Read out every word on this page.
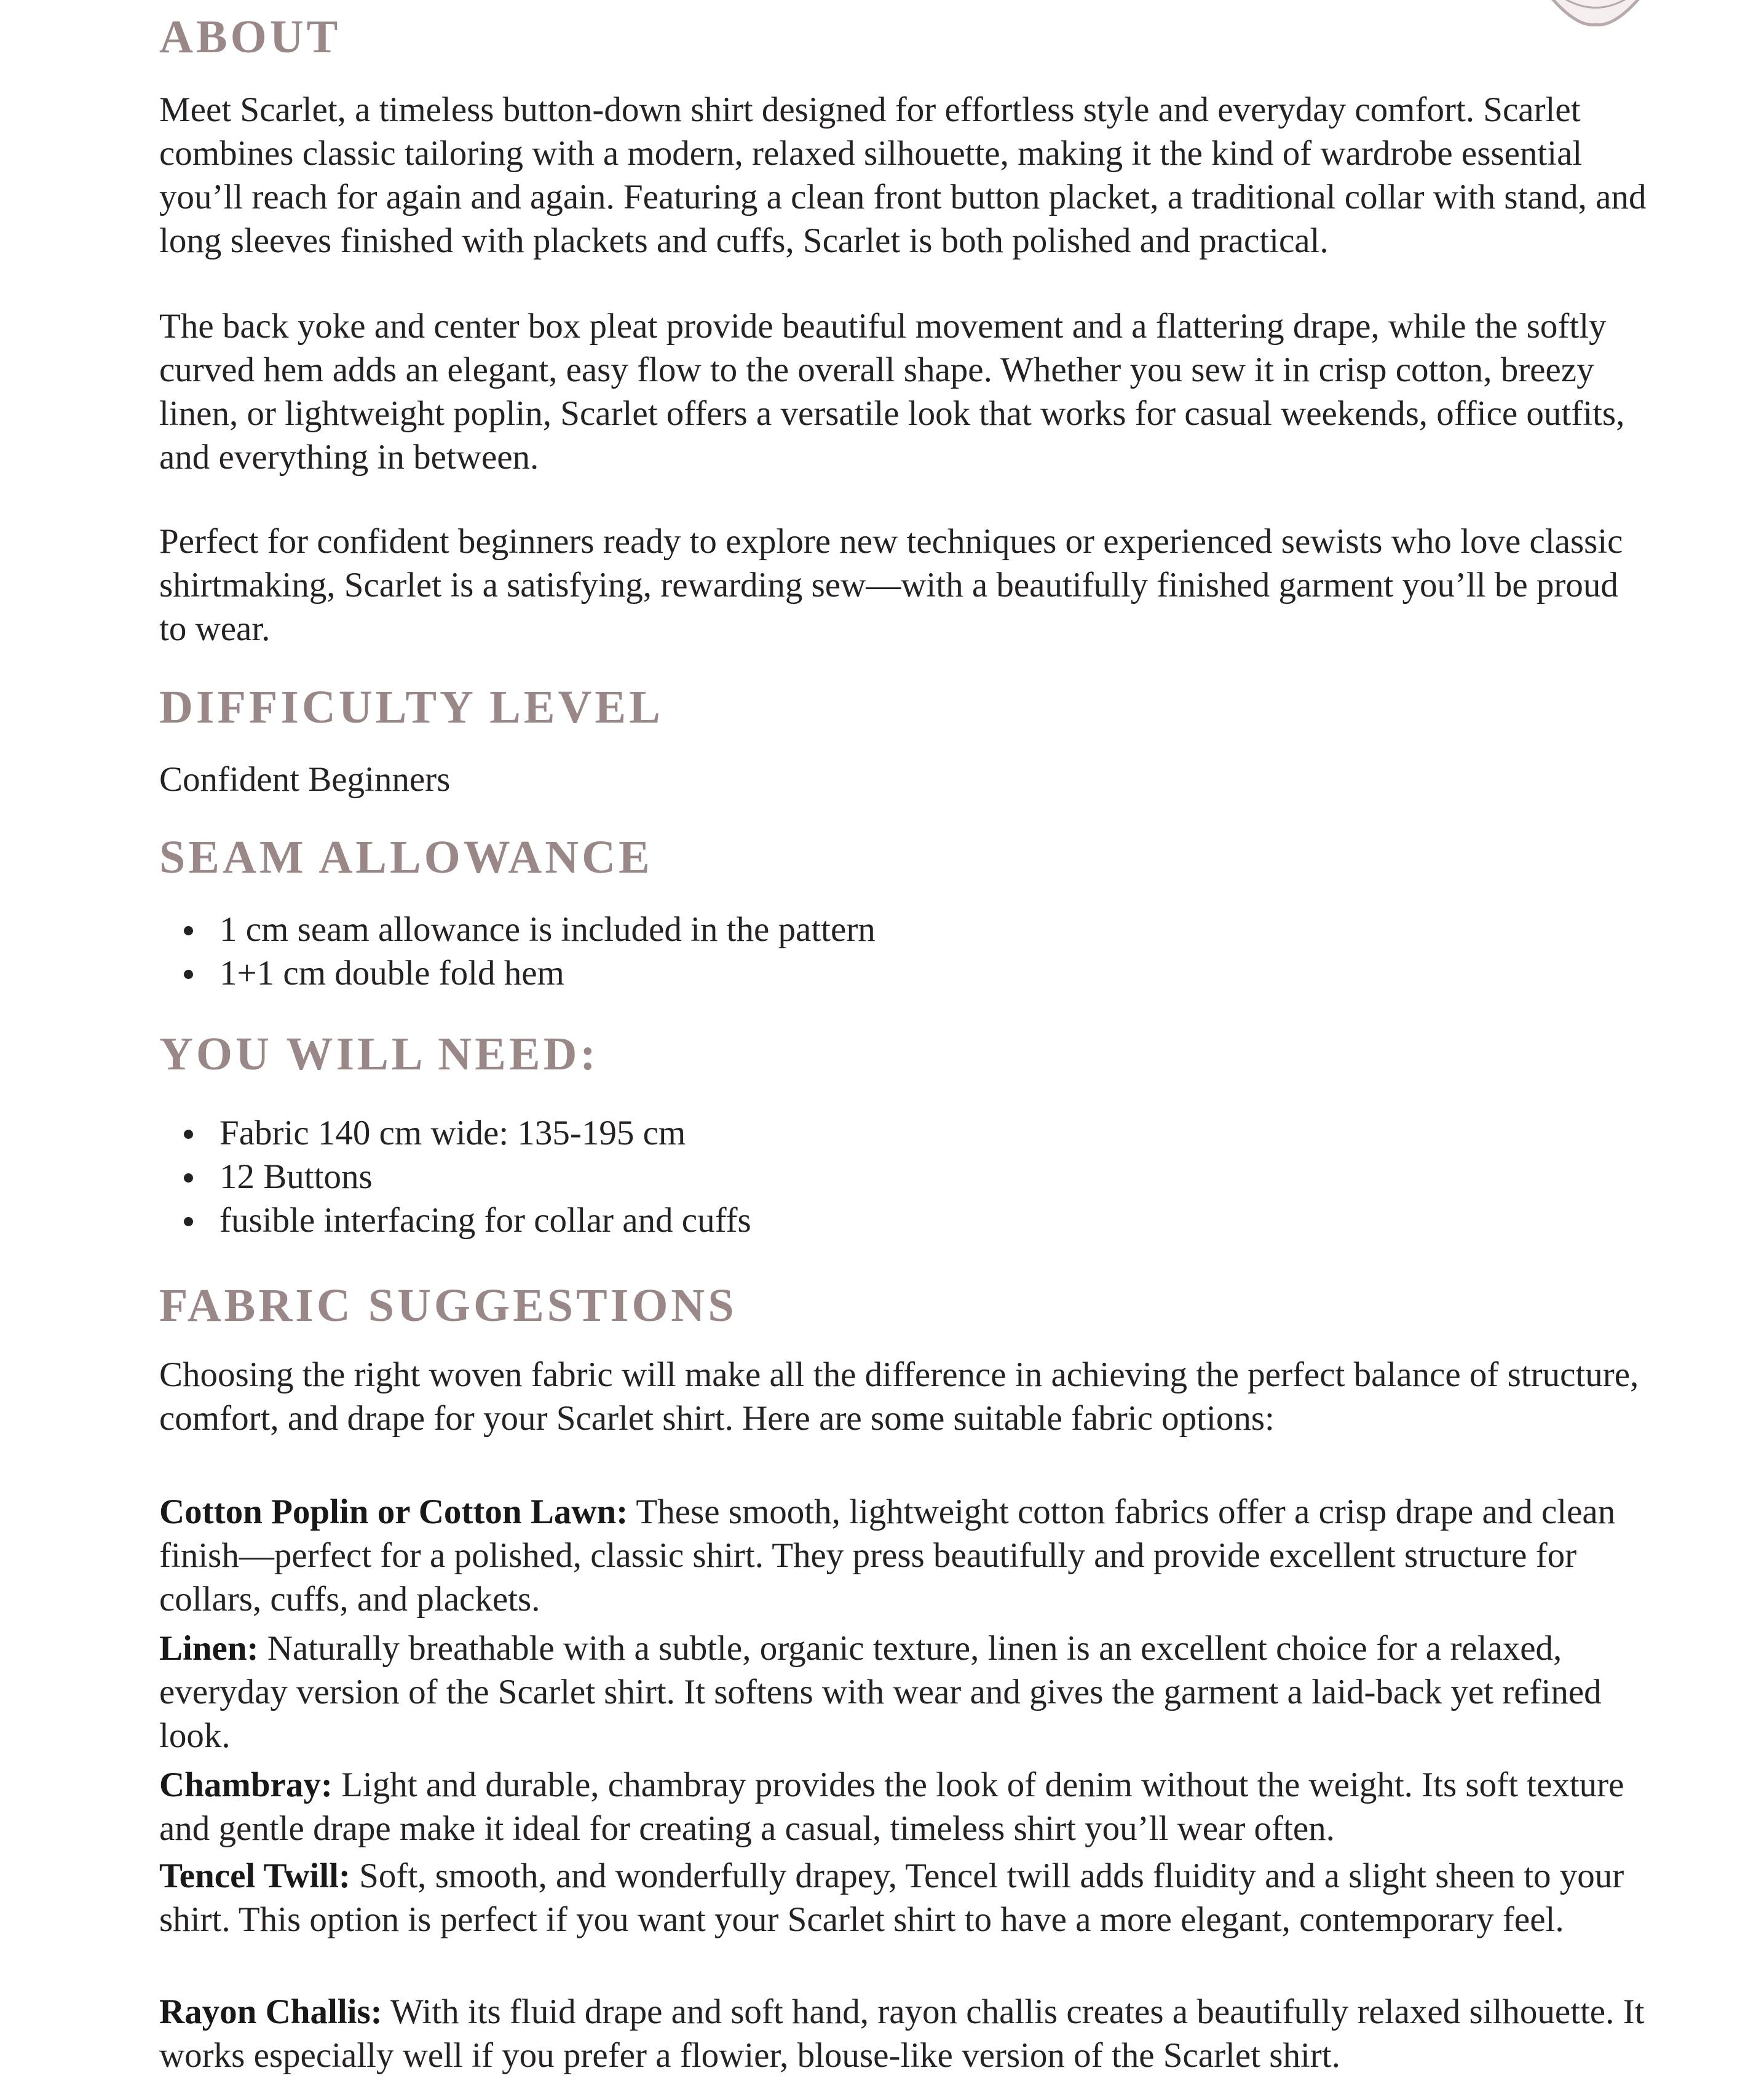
ABOUT

Meet Scarlet, a timeless button-down shirt designed for effortless style and everyday comfort. Scarlet combines classic tailoring with a modern, relaxed silhouette, making it the kind of wardrobe essential you’ll reach for again and again. Featuring a clean front button placket, a traditional collar with stand, and long sleeves finished with plackets and cuffs, Scarlet is both polished and practical.

The back yoke and center box pleat provide beautiful movement and a flattering drape, while the softly curved hem adds an elegant, easy flow to the overall shape. Whether you sew it in crisp cotton, breezy linen, or lightweight poplin, Scarlet offers a versatile look that works for casual weekends, office outfits, and everything in between.

Perfect for confident beginners ready to explore new techniques or experienced sewists who love classic shirtmaking, Scarlet is a satisfying, rewarding sew—with a beautifully finished garment you’ll be proud to wear.

DIFFICULTY LEVEL

Confident Beginners

SEAM ALLOWANCE
1 cm seam allowance is included in the pattern
1+1 cm double fold hem
YOU WILL NEED:
Fabric 140 cm wide: 135-195 cm
12 Buttons
fusible interfacing for collar and cuffs
FABRIC SUGGESTIONS

Choosing the right woven fabric will make all the difference in achieving the perfect balance of structure, comfort, and drape for your Scarlet shirt. Here are some suitable fabric options:

Cotton Poplin or Cotton Lawn: These smooth, lightweight cotton fabrics offer a crisp drape and clean finish—perfect for a polished, classic shirt. They press beautifully and provide excellent structure for collars, cuffs, and plackets.

Linen: Naturally breathable with a subtle, organic texture, linen is an excellent choice for a relaxed, everyday version of the Scarlet shirt. It softens with wear and gives the garment a laid-back yet refined look.

Chambray: Light and durable, chambray provides the look of denim without the weight. Its soft texture and gentle drape make it ideal for creating a casual, timeless shirt you’ll wear often.

Tencel Twill: Soft, smooth, and wonderfully drapey, Tencel twill adds fluidity and a slight sheen to your shirt. This option is perfect if you want your Scarlet shirt to have a more elegant, contemporary feel.

Rayon Challis: With its fluid drape and soft hand, rayon challis creates a beautifully relaxed silhouette. It works especially well if you prefer a flowier, blouse-like version of the Scarlet shirt.
